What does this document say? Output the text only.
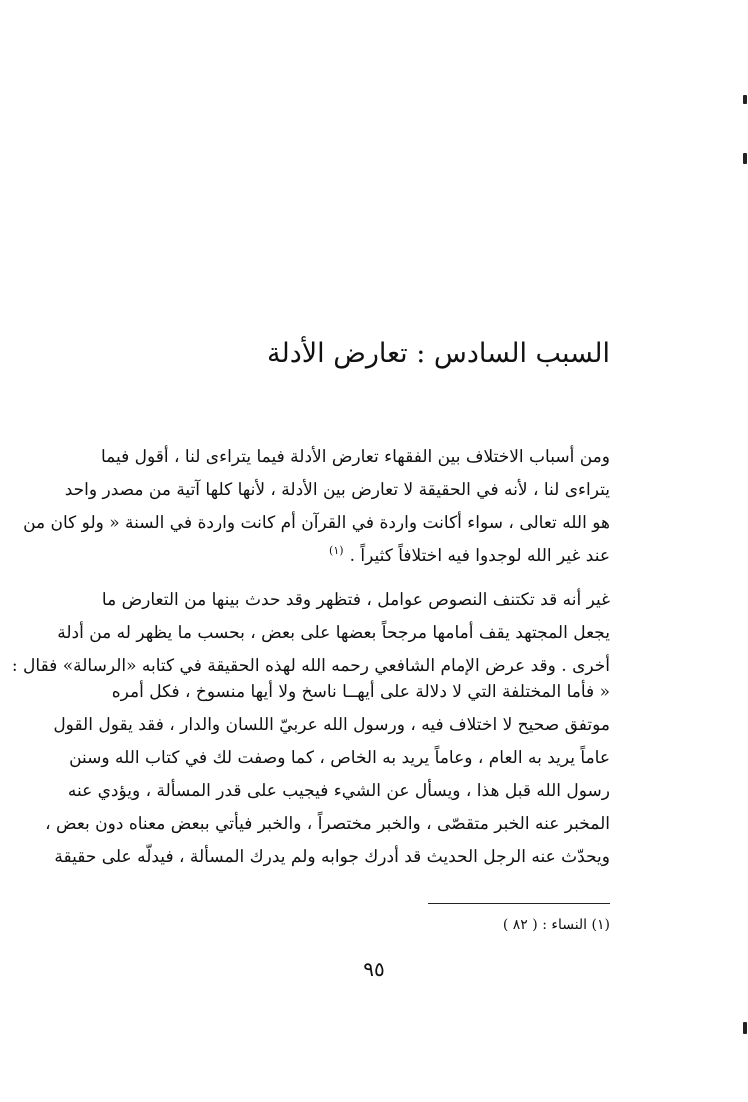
السبب السادس : تعارض الأدلة
ومن أسباب الاختلاف بين الفقهاء تعارض الأدلة فيما يتراءى لنا ، أقول فيما
يتراءى لنا ، لأنه في الحقيقة لا تعارض بين الأدلة ، لأنها كلها آتية من مصدر واحد
هو الله تعالى ، سواء أكانت واردة في القرآن أم كانت واردة في السنة « ولو كان من
عند غير الله لوجدوا فيه اختلافاً كثيراً .$^{(١)}$
غير أنه قد تكتنف النصوص عوامل ، فتظهر وقد حدث بينها من التعارض ما
يجعل المجتهد يقف أمامها مرجحاً بعضها على بعض ، بحسب ما يظهر له من أدلة
أخرى . وقد عرض الإمام الشافعي رحمه الله لهذه الحقيقة في كتابه «الرسالة» فقال :
« فأما المختلفة التي لا دلالة على أيهــا ناسخ ولا أيها منسوخ ، فكل أمره
موتفق صحيح لا اختلاف فيه ، ورسول الله عربيّ اللسان والدار ، فقد يقول القول
عاماً يريد به العام ، وعاماً يريد به الخاص ، كما وصفت لك في كتاب الله وسنن
رسول الله قبل هذا ، ويسأل عن الشيء فيجيب على قدر المسألة ، ويؤدي عنه
المخبر عنه الخبر متقصّى ، والخبر مختصراً ، والخبر فيأتي ببعض معناه دون بعض ،
ويحدّث عنه الرجل الحديث قد أدرك جوابه ولم يدرك المسألة ، فيدلّه على حقيقة
(١) النساء : ( ٨٢ )
٩٥
